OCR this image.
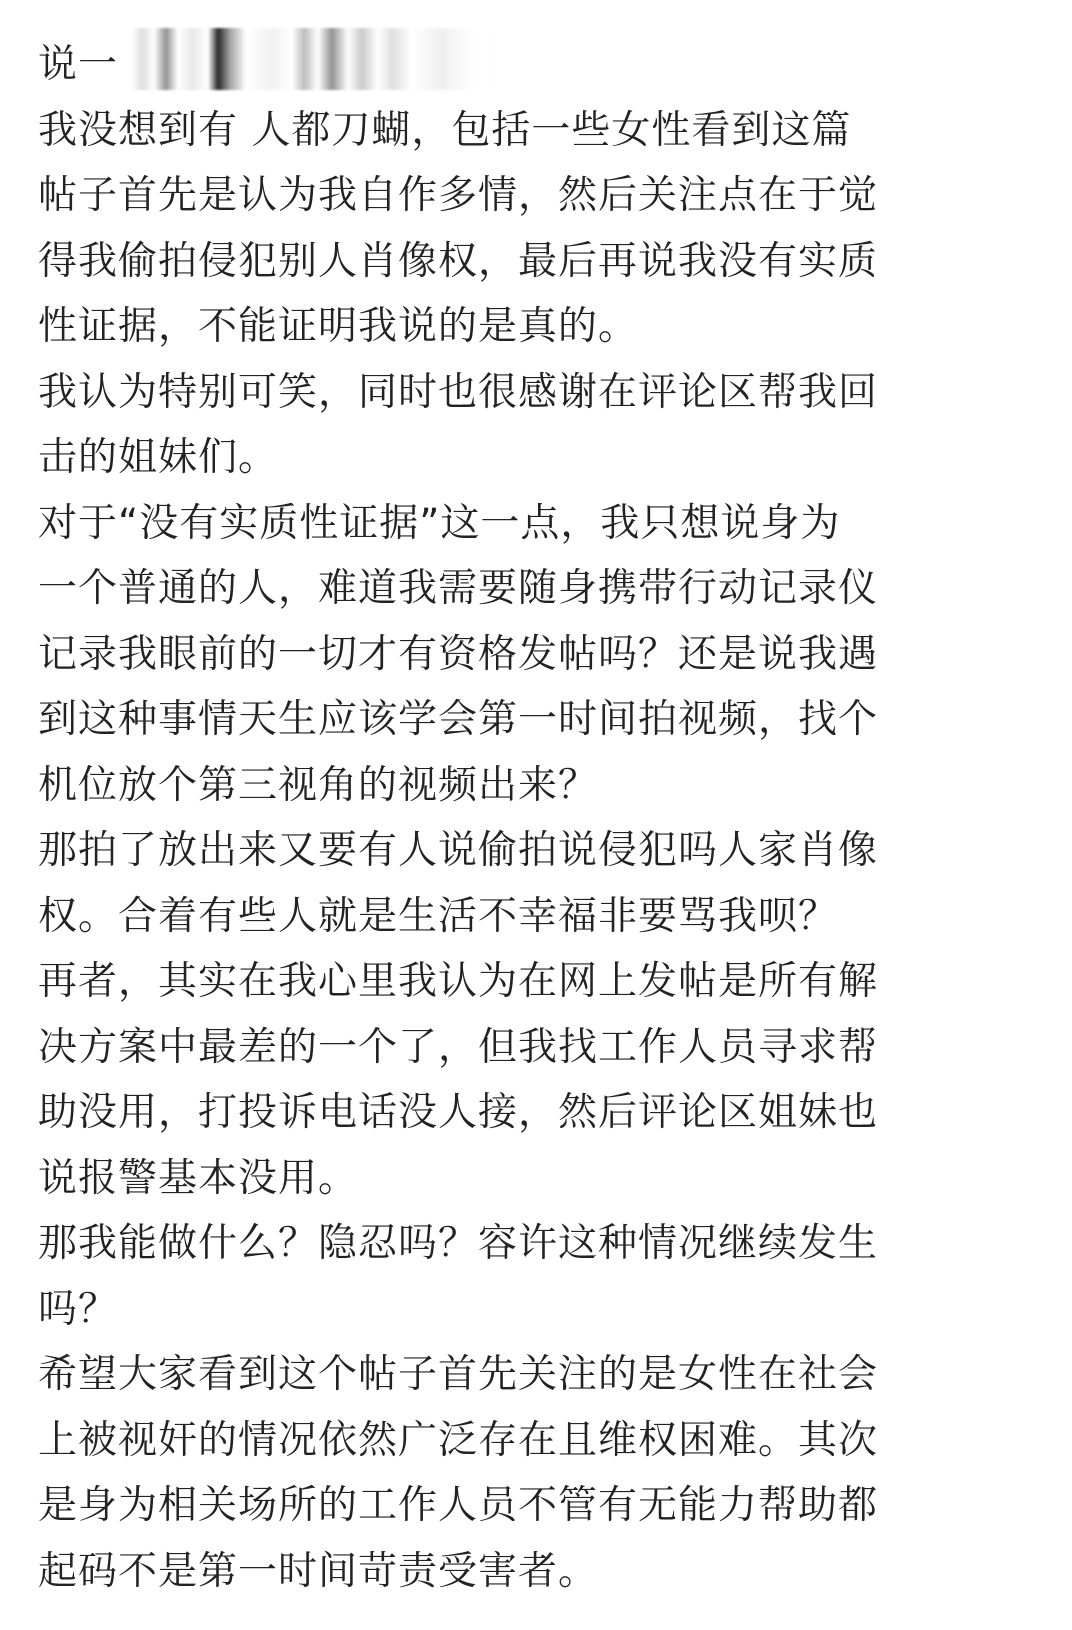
说一
我没想到有 人都刀蝴，包括一些女性看到这篇
帖子首先是认为我自作多情，然后关注点在于觉
得我偷拍侵犯别人肖像权，最后再说我没有实质
性证据，不能证明我说的是真的。
我认为特别可笑，同时也很感谢在评论区帮我回
击的姐妹们。
对于“没有实质性证据”这一点，我只想说身为
一个普通的人，难道我需要随身携带行动记录仪
记录我眼前的一切才有资格发帖吗？还是说我遇
到这种事情天生应该学会第一时间拍视频，找个
机位放个第三视角的视频出来？
那拍了放出来又要有人说偷拍说侵犯吗人家肖像
权。合着有些人就是生活不幸福非要骂我呗？
再者，其实在我心里我认为在网上发帖是所有解
决方案中最差的一个了，但我找工作人员寻求帮
助没用，打投诉电话没人接，然后评论区姐妹也
说报警基本没用。
那我能做什么？隐忍吗？容许这种情况继续发生
吗？
希望大家看到这个帖子首先关注的是女性在社会
上被视奸的情况依然广泛存在且维权困难。其次
是身为相关场所的工作人员不管有无能力帮助都
起码不是第一时间苛责受害者。
